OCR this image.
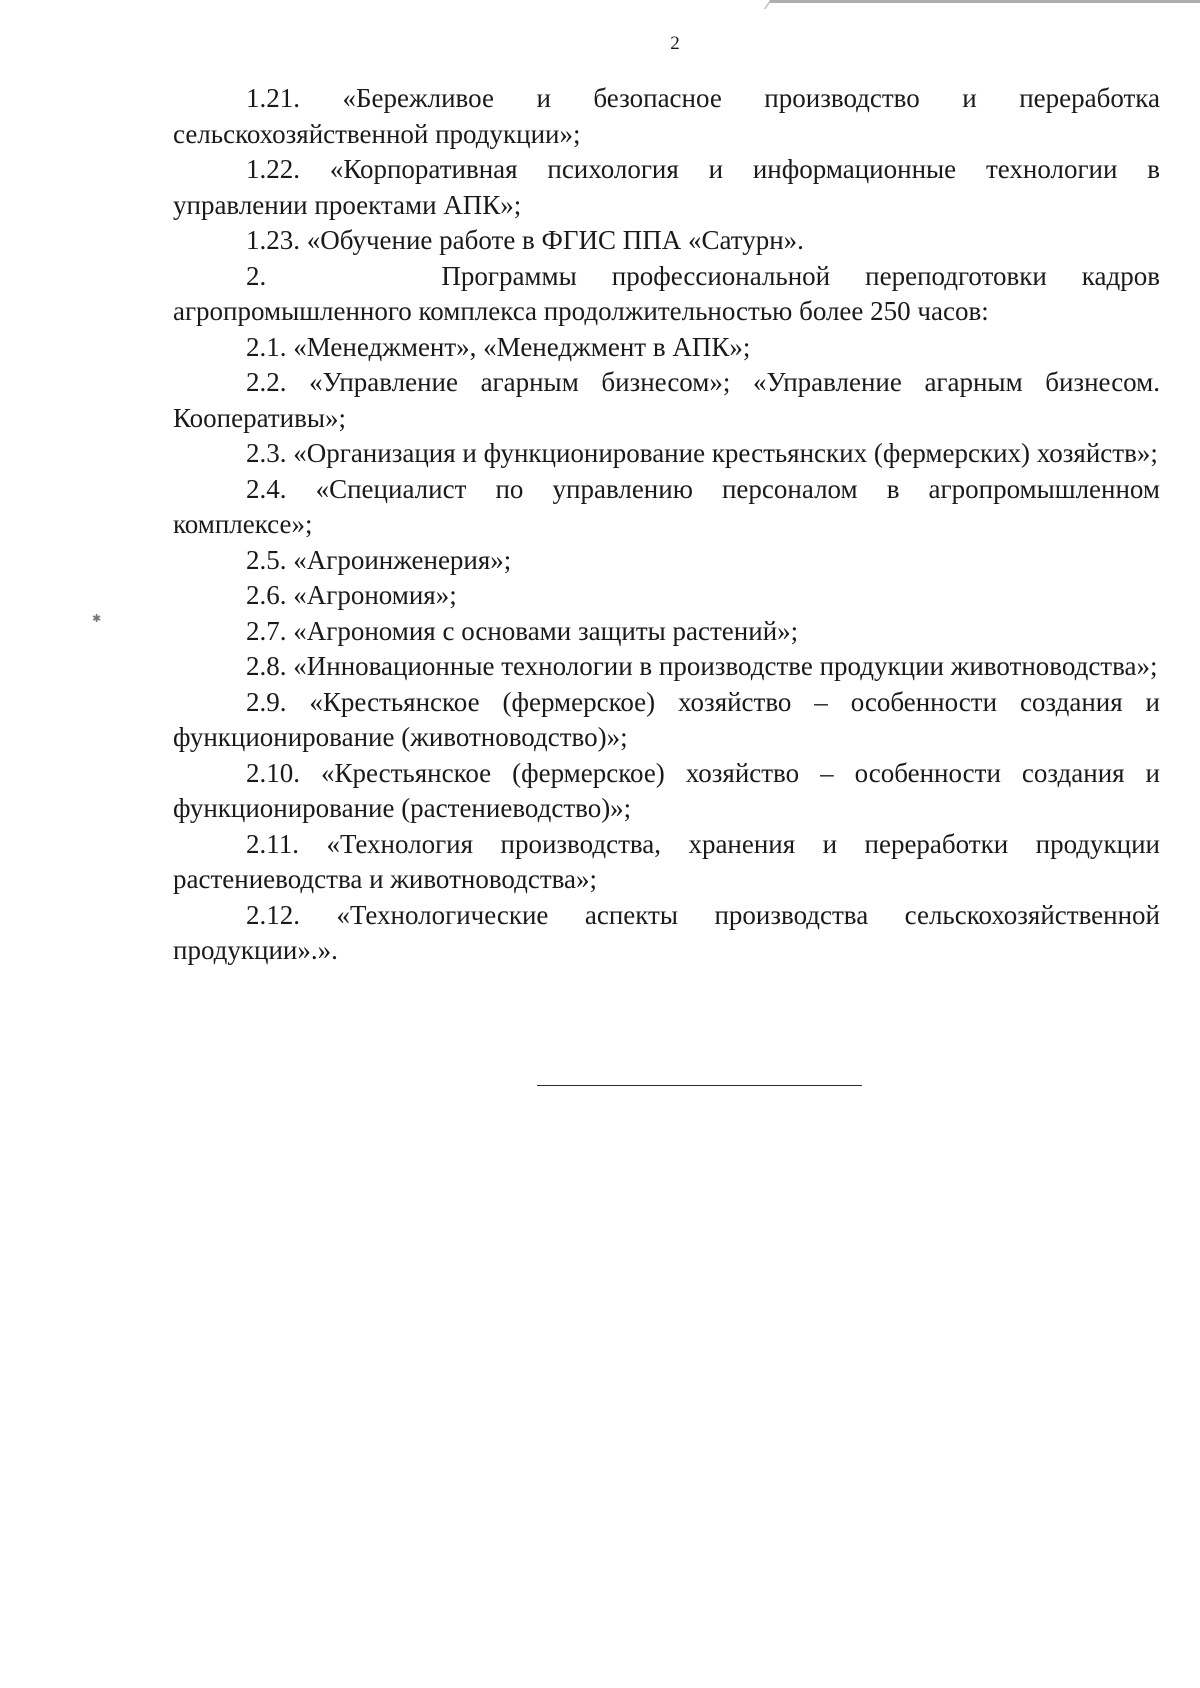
2
✱

1.21. «Бережливое и безопасное производство и переработка сельскохозяйственной продукции»;

1.22. «Корпоративная психология и информационные технологии в управлении проектами АПК»;

1.23. «Обучение работе в ФГИС ППА «Сатурн».

2.     Программы профессиональной переподготовки кадров агропромышленного комплекса продолжительностью более 250 часов:

2.1. «Менеджмент», «Менеджмент в АПК»;

2.2. «Управление агарным бизнесом»; «Управление агарным бизнесом. Кооперативы»;

2.3. «Организация и функционирование крестьянских (фермерских) хозяйств»;

2.4. «Специалист по управлению персоналом в агропромышленном комплексе»;

2.5. «Агроинженерия»;

2.6. «Агрономия»;

2.7. «Агрономия с основами защиты растений»;

2.8. «Инновационные технологии в производстве продукции животноводства»;

2.9. «Крестьянское (фермерское) хозяйство – особенности создания и функционирование (животноводство)»;

2.10. «Крестьянское (фермерское) хозяйство – особенности создания и функционирование (растениеводство)»;

2.11. «Технология производства, хранения и переработки продукции растениеводства и животноводства»;

2.12. «Технологические аспекты производства сельскохозяйственной продукции».».
